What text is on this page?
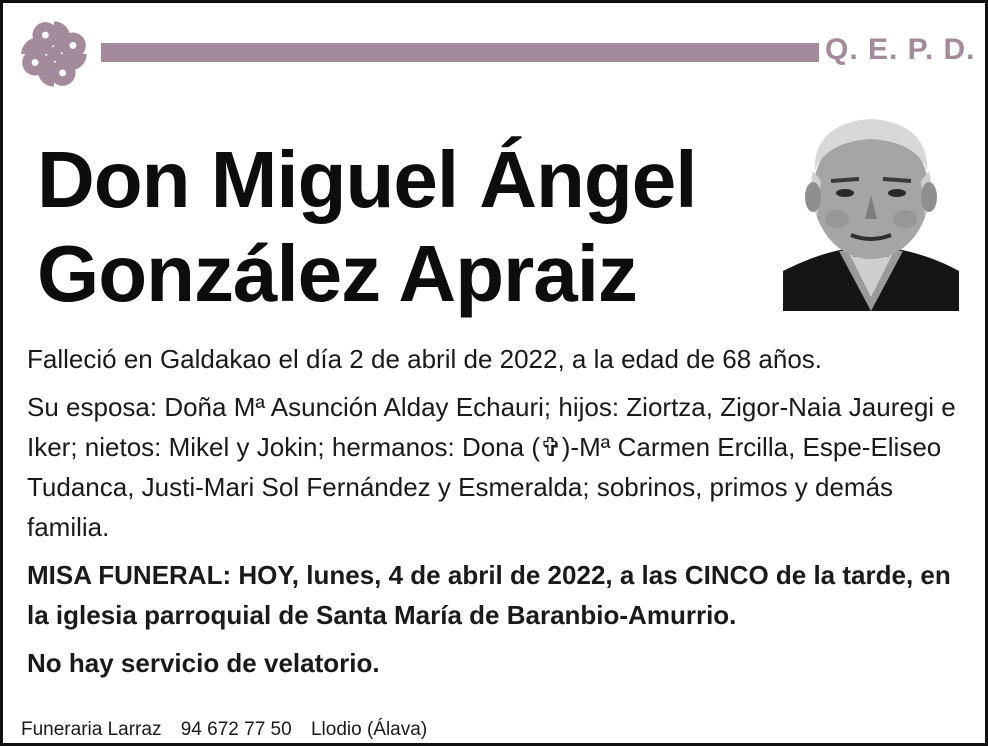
Q. E. P. D.
Don Miguel Ángel
González Apraiz

Falleció en Galdakao el día 2 de abril de 2022, a la edad de 68 años.

Su esposa: Doña Mª Asunción Alday Echauri; hijos: Ziortza, Zigor-Naia Jauregi e Iker; nietos: Mikel y Jokin; hermanos: Dona (✞)-Mª Carmen Ercilla, Espe-Eliseo Tudanca, Justi-Mari Sol Fernández y Esmeralda; sobrinos, primos y demás familia.

MISA FUNERAL: HOY, lunes, 4 de abril de 2022, a las CINCO de la tarde, en la iglesia parroquial de Santa María de Baranbio-Amurrio.

No hay servicio de velatorio.

Funeraria Larraz 94 672 77 50 Llodio (Álava)
